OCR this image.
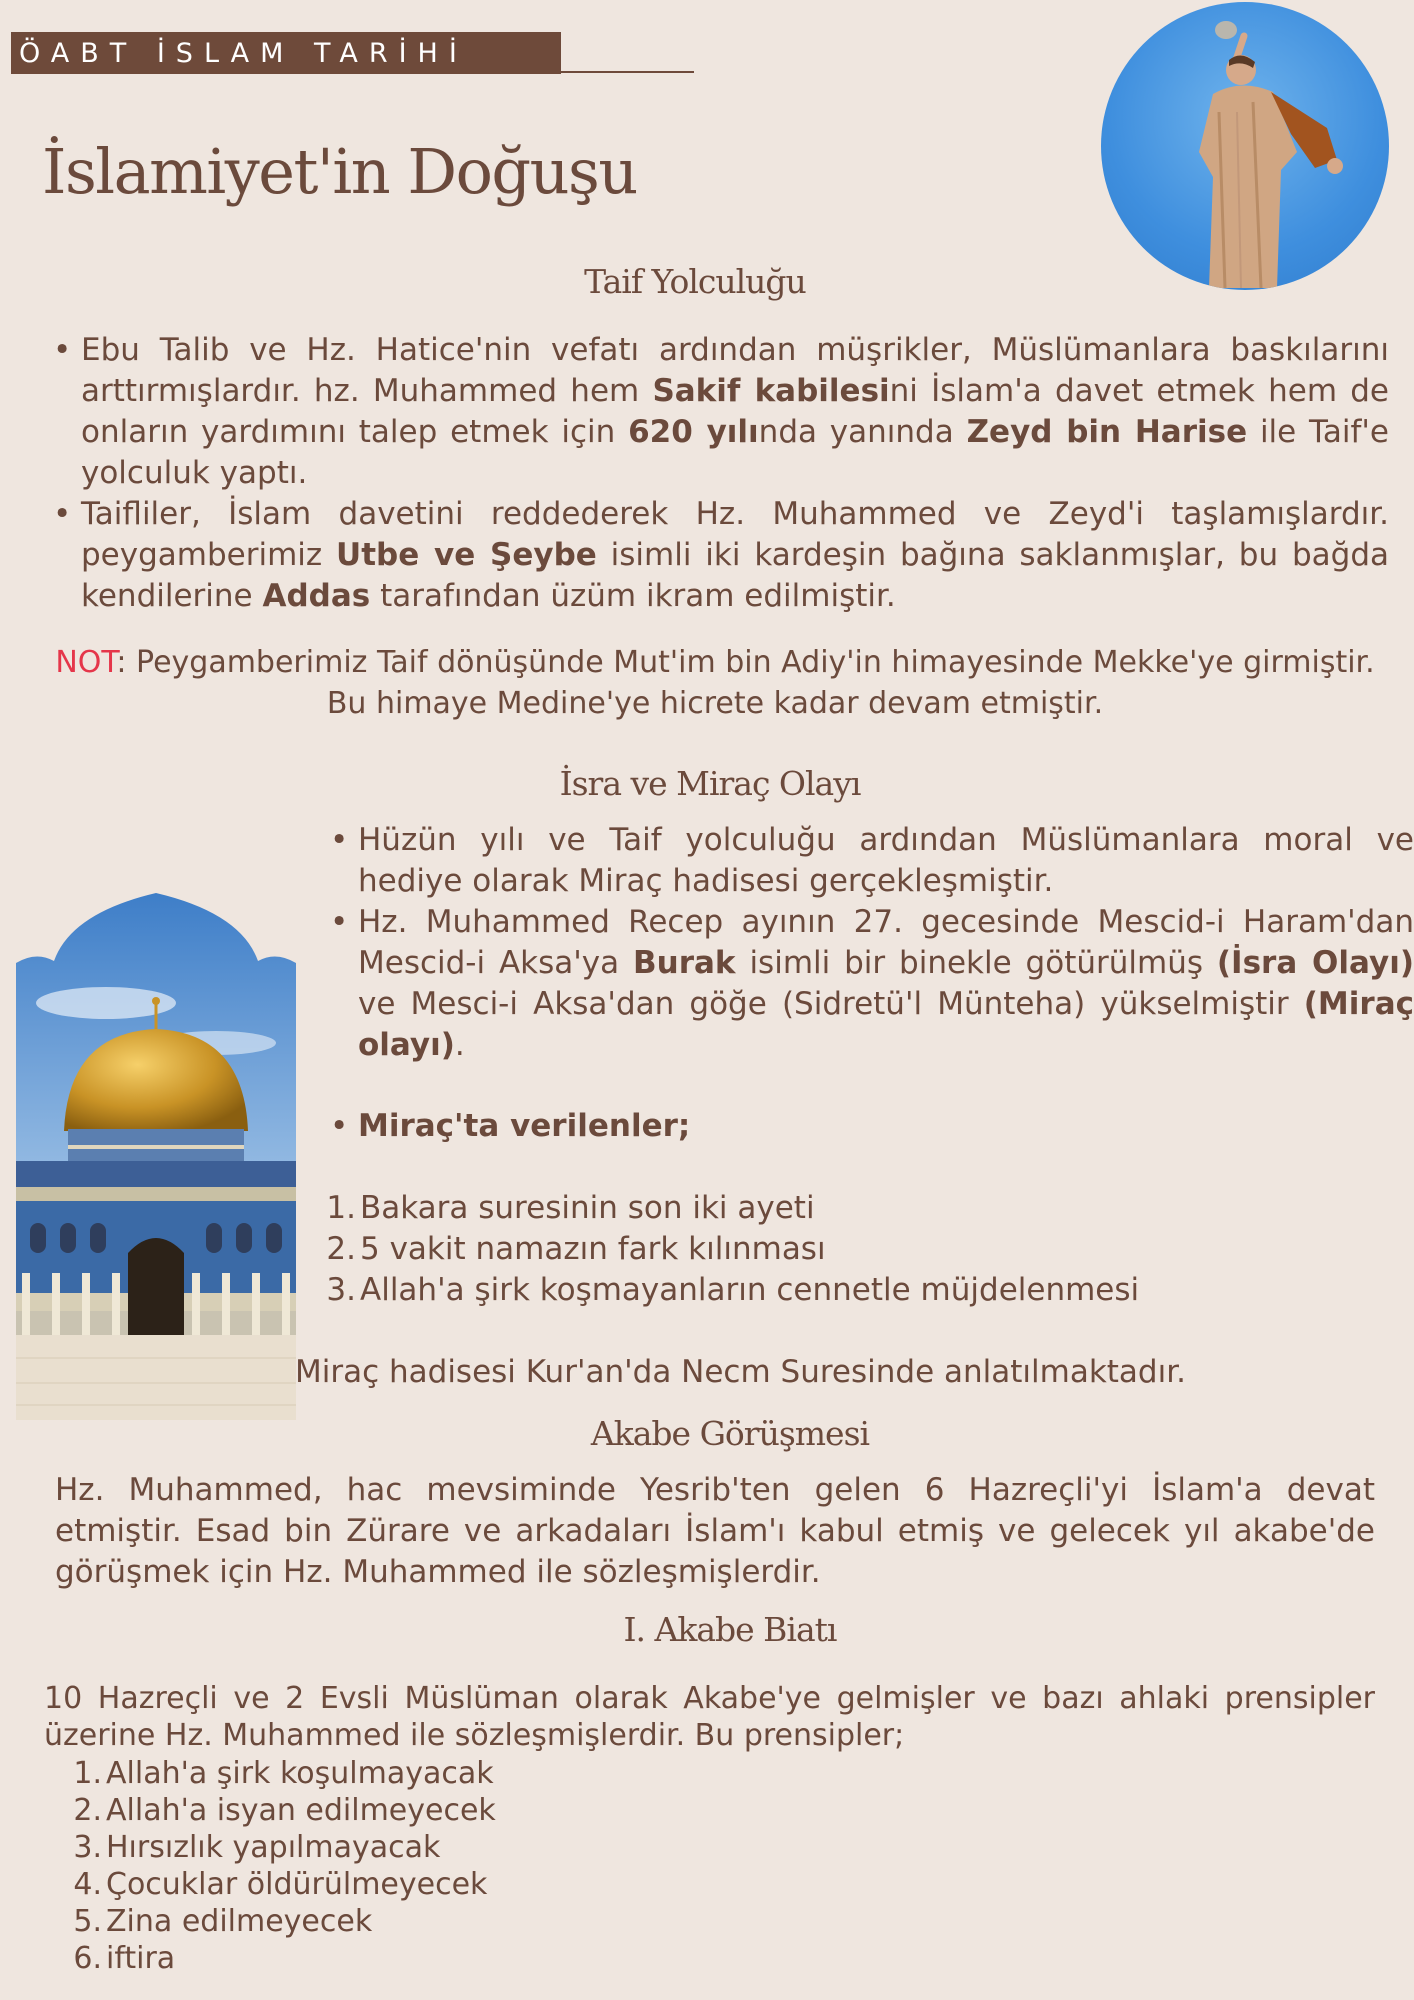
ÖABT İSLAM TARİHİ
İslamiyet'in Doğuşu
Taif Yolculuğu
• Ebu Talib ve Hz. Hatice'nin vefatı ardından müşrikler, Müslümanlara baskılarını arttırmışlardır. hz. Muhammed hem Sakif kabilesini İslam'a davet etmek hem de onların yardımını talep etmek için 620 yılında yanında Zeyd bin Harise ile Taif'e yolculuk yaptı.
• Taifliler, İslam davetini reddederek Hz. Muhammed ve Zeyd'i taşlamışlardır. peygamberimiz Utbe ve Şeybe isimli iki kardeşin bağına saklanmışlar, bu bağda kendilerine Addas tarafından üzüm ikram edilmiştir.
NOT: Peygamberimiz Taif dönüşünde Mut'im bin Adiy'in himayesinde Mekke'ye girmiştir.
Bu himaye Medine'ye hicrete kadar devam etmiştir.
İsra ve Miraç Olayı
• Hüzün yılı ve Taif yolculuğu ardından Müslümanlara moral ve hediye olarak Miraç hadisesi gerçekleşmiştir.
• Hz. Muhammed Recep ayının 27. gecesinde Mescid-i Haram'dan Mescid-i Aksa'ya Burak isimli bir binekle götürülmüş (İsra Olayı) ve Mesci-i Aksa'dan göğe (Sidretü'l Münteha) yükselmiştir (Miraç olayı).
• Miraç'ta verilenler;
1. Bakara suresinin son iki ayeti
2. 5 vakit namazın fark kılınması
3. Allah'a şirk koşmayanların cennetle müjdelenmesi
Miraç hadisesi Kur'an'da Necm Suresinde anlatılmaktadır.
Akabe Görüşmesi
Hz. Muhammed, hac mevsiminde Yesrib'ten gelen 6 Hazreçli'yi İslam'a devat etmiştir. Esad bin Zürare ve arkadaları İslam'ı kabul etmiş ve gelecek yıl akabe'de görüşmek için Hz. Muhammed ile sözleşmişlerdir.
I. Akabe Biatı
10 Hazreçli ve 2 Evsli Müslüman olarak Akabe'ye gelmişler ve bazı ahlaki prensipler üzerine Hz. Muhammed ile sözleşmişlerdir. Bu prensipler;
1. Allah'a şirk koşulmayacak
2. Allah'a isyan edilmeyecek
3. Hırsızlık yapılmayacak
4. Çocuklar öldürülmeyecek
5. Zina edilmeyecek
6. iftira
